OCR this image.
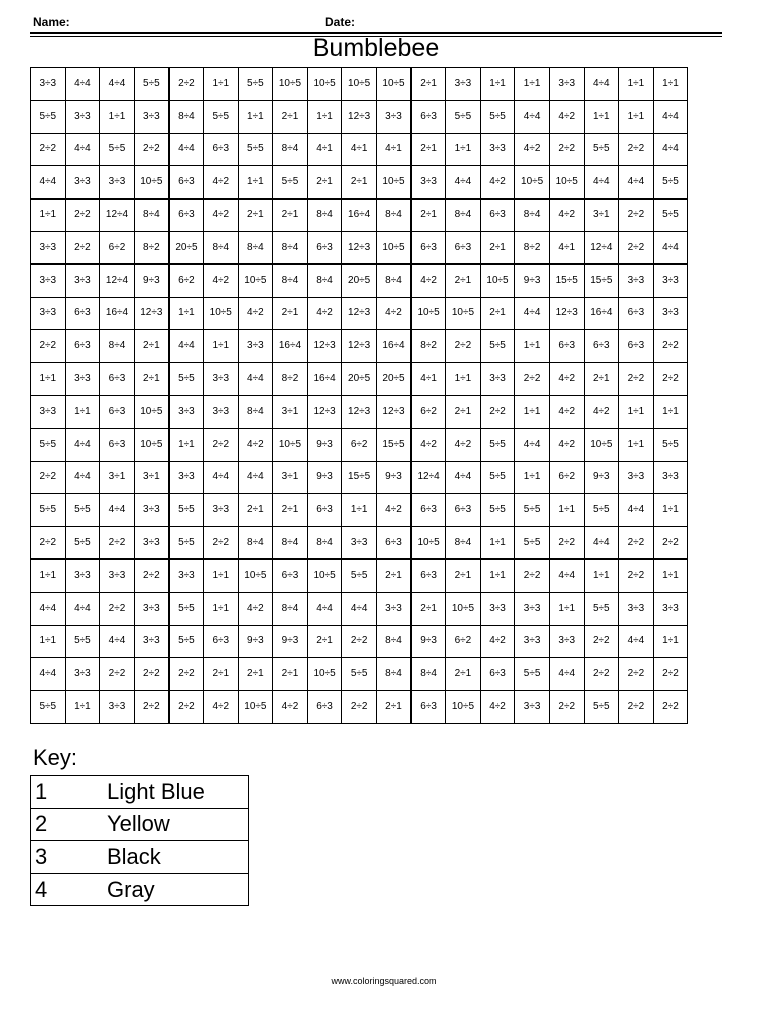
Name:	Date:
Bumblebee
3÷3	4÷4	4÷4	5÷5	2÷2	1÷1	5÷5	10÷5	10÷5	10÷5	10÷5	2÷1	3÷3	1÷1	1÷1	3÷3	4÷4	1÷1	1÷1
5÷5	3÷3	1÷1	3÷3	8÷4	5÷5	1÷1	2÷1	1÷1	12÷3	3÷3	6÷3	5÷5	5÷5	4÷4	4÷2	1÷1	1÷1	4÷4
2÷2	4÷4	5÷5	2÷2	4÷4	6÷3	5÷5	8÷4	4÷1	4÷1	4÷1	2÷1	1÷1	3÷3	4÷2	2÷2	5÷5	2÷2	4÷4
4÷4	3÷3	3÷3	10÷5	6÷3	4÷2	1÷1	5÷5	2÷1	2÷1	10÷5	3÷3	4÷4	4÷2	10÷5	10÷5	4÷4	4÷4	5÷5
1÷1	2÷2	12÷4	8÷4	6÷3	4÷2	2÷1	2÷1	8÷4	16÷4	8÷4	2÷1	8÷4	6÷3	8÷4	4÷2	3÷1	2÷2	5÷5
3÷3	2÷2	6÷2	8÷2	20÷5	8÷4	8÷4	8÷4	6÷3	12÷3	10÷5	6÷3	6÷3	2÷1	8÷2	4÷1	12÷4	2÷2	4÷4
3÷3	3÷3	12÷4	9÷3	6÷2	4÷2	10÷5	8÷4	8÷4	20÷5	8÷4	4÷2	2÷1	10÷5	9÷3	15÷5	15÷5	3÷3	3÷3
3÷3	6÷3	16÷4	12÷3	1÷1	10÷5	4÷2	2÷1	4÷2	12÷3	4÷2	10÷5	10÷5	2÷1	4÷4	12÷3	16÷4	6÷3	3÷3
2÷2	6÷3	8÷4	2÷1	4÷4	1÷1	3÷3	16÷4	12÷3	12÷3	16÷4	8÷2	2÷2	5÷5	1÷1	6÷3	6÷3	6÷3	2÷2
1÷1	3÷3	6÷3	2÷1	5÷5	3÷3	4÷4	8÷2	16÷4	20÷5	20÷5	4÷1	1÷1	3÷3	2÷2	4÷2	2÷1	2÷2	2÷2
3÷3	1÷1	6÷3	10÷5	3÷3	3÷3	8÷4	3÷1	12÷3	12÷3	12÷3	6÷2	2÷1	2÷2	1÷1	4÷2	4÷2	1÷1	1÷1
5÷5	4÷4	6÷3	10÷5	1÷1	2÷2	4÷2	10÷5	9÷3	6÷2	15÷5	4÷2	4÷2	5÷5	4÷4	4÷2	10÷5	1÷1	5÷5
2÷2	4÷4	3÷1	3÷1	3÷3	4÷4	4÷4	3÷1	9÷3	15÷5	9÷3	12÷4	4÷4	5÷5	1÷1	6÷2	9÷3	3÷3	3÷3
5÷5	5÷5	4÷4	3÷3	5÷5	3÷3	2÷1	2÷1	6÷3	1÷1	4÷2	6÷3	6÷3	5÷5	5÷5	1÷1	5÷5	4÷4	1÷1
2÷2	5÷5	2÷2	3÷3	5÷5	2÷2	8÷4	8÷4	8÷4	3÷3	6÷3	10÷5	8÷4	1÷1	5÷5	2÷2	4÷4	2÷2	2÷2
1÷1	3÷3	3÷3	2÷2	3÷3	1÷1	10÷5	6÷3	10÷5	5÷5	2÷1	6÷3	2÷1	1÷1	2÷2	4÷4	1÷1	2÷2	1÷1
4÷4	4÷4	2÷2	3÷3	5÷5	1÷1	4÷2	8÷4	4÷4	4÷4	3÷3	2÷1	10÷5	3÷3	3÷3	1÷1	5÷5	3÷3	3÷3
1÷1	5÷5	4÷4	3÷3	5÷5	6÷3	9÷3	9÷3	2÷1	2÷2	8÷4	9÷3	6÷2	4÷2	3÷3	3÷3	2÷2	4÷4	1÷1
4÷4	3÷3	2÷2	2÷2	2÷2	2÷1	2÷1	2÷1	10÷5	5÷5	8÷4	8÷4	2÷1	6÷3	5÷5	4÷4	2÷2	2÷2	2÷2
5÷5	1÷1	3÷3	2÷2	2÷2	4÷2	10÷5	4÷2	6÷3	2÷2	2÷1	6÷3	10÷5	4÷2	3÷3	2÷2	5÷5	2÷2	2÷2
Key:
1	Light Blue
2	Yellow
3	Black
4	Gray
www.coloringsquared.com
